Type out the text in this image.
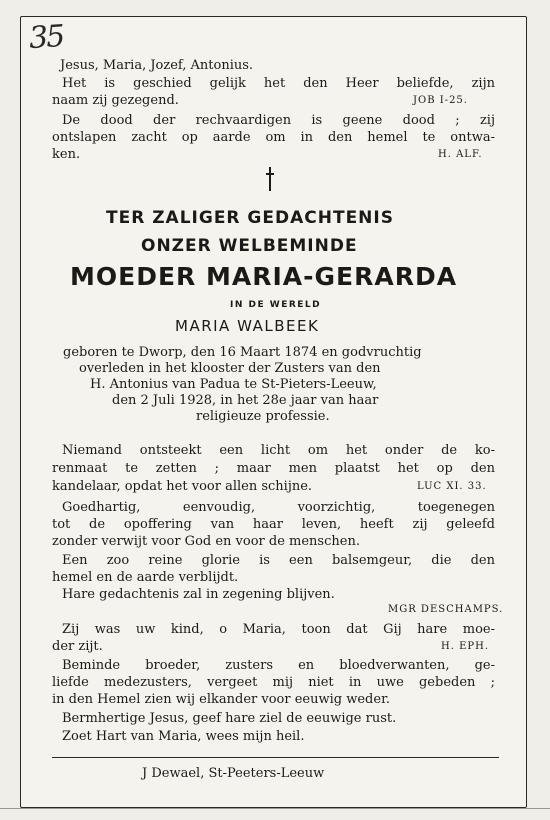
35
Jesus, Maria, Jozef, Antonius.
Het is geschied gelijk het den Heer beliefde, zijn
naam zij gezegend.	JOB I-25.
De dood der rechvaardigen is geene dood ; zij
ontslapen zacht op aarde om in den hemel te ontwa-
ken.	H. ALF.
TER ZALIGER GEDACHTENIS
ONZER WELBEMINDE
MOEDER MARIA-GERARDA
IN DE WERELD
MARIA WALBEEK
geboren te Dworp, den 16 Maart 1874 en godvruchtig
overleden in het klooster der Zusters van den
H. Antonius van Padua te St-Pieters-Leeuw,
den 2 Juli 1928, in het 28e jaar van haar
religieuze professie.
Niemand ontsteekt een licht om het onder de ko-
renmaat te zetten ; maar men plaatst het op den
kandelaar, opdat het voor allen schijne.	LUC XI. 33.
Goedhartig, eenvoudig, voorzichtig, toegenegen
tot de opoffering van haar leven, heeft zij geleefd
zonder verwijt voor God en voor de menschen.
Een zoo reine glorie is een balsemgeur, die den
hemel en de aarde verblijdt.
Hare gedachtenis zal in zegening blijven.
MGR DESCHAMPS.
Zij was uw kind, o Maria, toon dat Gij hare moe-
der zijt.	H. EPH.
Beminde broeder, zusters en bloedverwanten, ge-
liefde medezusters, vergeet mij niet in uwe gebeden ;
in den Hemel zien wij elkander voor eeuwig weder.
Bermhertige Jesus, geef hare ziel de eeuwige rust.
Zoet Hart van Maria, wees mijn heil.
J Dewael, St-Peeters-Leeuw
